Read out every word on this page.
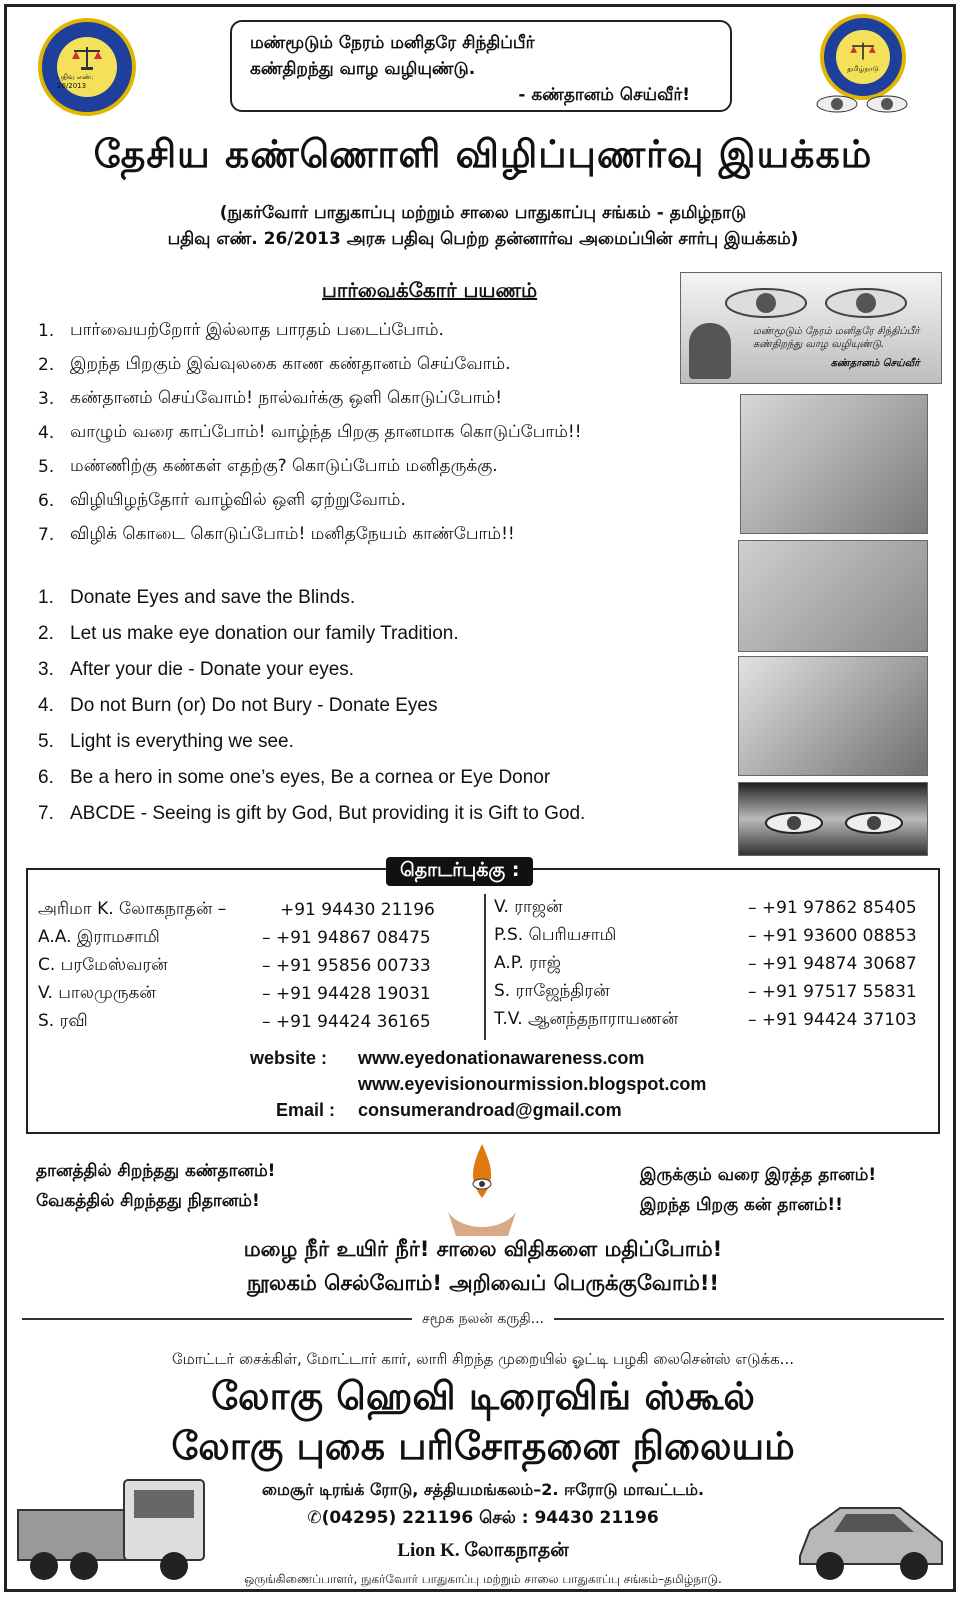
பதிவு எண். 26/2013
தமிழ்நாடு
மண்மூடும் நேரம் மனிதரே சிந்திப்பீர்
கண்திறந்து வாழ வழியுண்டு.
- கண்தானம் செய்வீர்!
தேசிய கண்ணொளி விழிப்புணர்வு இயக்கம்
(நுகர்வோர் பாதுகாப்பு மற்றும் சாலை பாதுகாப்பு சங்கம் - தமிழ்நாடு
பதிவு எண். 26/2013 அரசு பதிவு பெற்ற தன்னார்வ அமைப்பின் சார்பு இயக்கம்)
பார்வைக்கோர் பயணம்
1. பார்வையற்றோர் இல்லாத பாரதம் படைப்போம்.
2. இறந்த பிறகும் இவ்வுலகை காண கண்தானம் செய்வோம்.
3. கண்தானம் செய்வோம்! நால்வர்க்கு ஒளி கொடுப்போம்!
4. வாழும் வரை காப்போம்! வாழ்ந்த பிறகு தானமாக கொடுப்போம்!!
5. மண்ணிற்கு கண்கள் எதற்கு? கொடுப்போம் மனிதருக்கு.
6. விழியிழந்தோர் வாழ்வில் ஒளி ஏற்றுவோம்.
7. விழிக் கொடை கொடுப்போம்! மனிதநேயம் காண்போம்!!
1. Donate Eyes and save the Blinds.
2. Let us make eye donation our family Tradition.
3. After your die - Donate your eyes.
4. Do not Burn (or) Do not Bury - Donate Eyes
5. Light is everything we see.
6. Be a hero in some one’s eyes, Be a cornea or Eye Donor
7. ABCDE - Seeing is gift by God, But providing it is Gift to God.
மண்மூடும் நேரம் மனிதரே சிந்திப்பீர்
கண்திறந்து வாழ வழியுண்டு.
கண்தானம் செய்வீர்
தொடர்புக்கு :
அரிமா K. லோகநாதன் –	+91 94430 21196
A.A. இராமசாமி	– +91 94867 08475
C. பரமேஸ்வரன்	– +91 95856 00733
V. பாலமுருகன்	– +91 94428 19031
S. ரவி	– +91 94424 36165
V. ராஜன்	– +91 97862 85405
P.S. பெரியசாமி	– +91 93600 08853
A.P. ராஜ்	– +91 94874 30687
S. ராஜேந்திரன்	– +91 97517 55831
T.V. ஆனந்தநாராயணன்	– +91 94424 37103
website : www.eyedonationawareness.com
www.eyevisionourmission.blogspot.com
Email : consumerandroad@gmail.com
தானத்தில் சிறந்தது கண்தானம்!
வேகத்தில் சிறந்தது நிதானம்!
இருக்கும் வரை இரத்த தானம்!
இறந்த பிறகு கன் தானம்!!
மழை நீர் உயிர் நீர்! சாலை விதிகளை மதிப்போம்!
நூலகம் செல்வோம்! அறிவைப் பெருக்குவோம்!!
சமூக நலன் கருதி...
மோட்டர் சைக்கிள், மோட்டார் கார், லாரி சிறந்த முறையில் ஓட்டி பழகி லைசென்ஸ் எடுக்க...
லோகு ஹெவி டிரைவிங் ஸ்கூல்
லோகு புகை பரிசோதனை நிலையம்
மைசூர் டிரங்க் ரோடு, சத்தியமங்கலம்–2. ஈரோடு மாவட்டம்.
✆(04295) 221196 செல் : 94430 21196
Lion K. லோகநாதன்
ஒருங்கிணைப்பாளர், நுகர்வோர் பாதுகாப்பு மற்றும் சாலை பாதுகாப்பு சங்கம்–தமிழ்நாடு.
